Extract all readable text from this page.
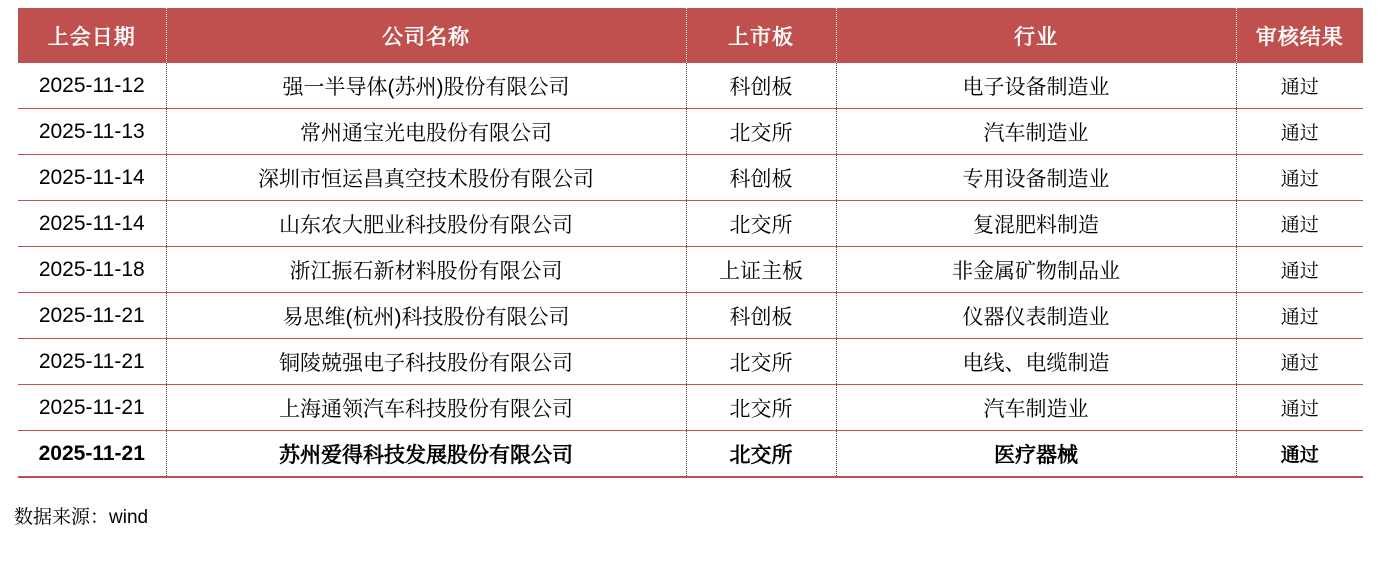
上会日期	公司名称	上市板	行业	审核结果
2025-11-12	强一半导体(苏州)股份有限公司	科创板	电子设备制造业	通过
2025-11-13	常州通宝光电股份有限公司	北交所	汽车制造业	通过
2025-11-14	深圳市恒运昌真空技术股份有限公司	科创板	专用设备制造业	通过
2025-11-14	山东农大肥业科技股份有限公司	北交所	复混肥料制造	通过
2025-11-18	浙江振石新材料股份有限公司	上证主板	非金属矿物制品业	通过
2025-11-21	易思维(杭州)科技股份有限公司	科创板	仪器仪表制造业	通过
2025-11-21	铜陵兢强电子科技股份有限公司	北交所	电线、电缆制造	通过
2025-11-21	上海通领汽车科技股份有限公司	北交所	汽车制造业	通过
2025-11-21	苏州爱得科技发展股份有限公司	北交所	医疗器械	通过
数据来源：wind
